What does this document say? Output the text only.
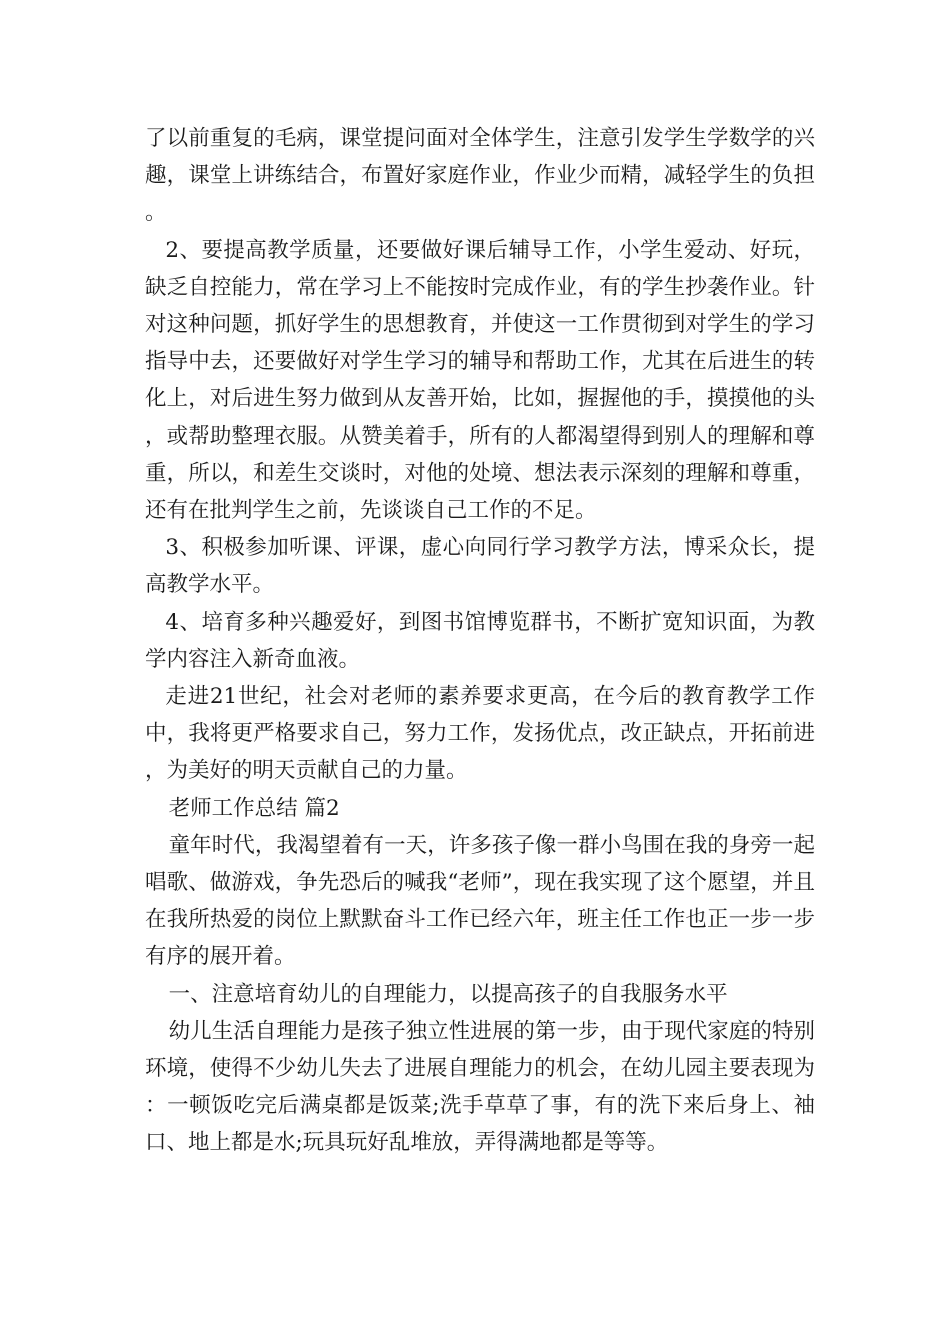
了以前重复的毛病，课堂提问面对全体学生，注意引发学生学数学的兴趣，课堂上讲练结合，布置好家庭作业，作业少而精，减轻学生的负担。

2、要提高教学质量，还要做好课后辅导工作，小学生爱动、好玩，缺乏自控能力，常在学习上不能按时完成作业，有的学生抄袭作业。针对这种问题，抓好学生的思想教育，并使这一工作贯彻到对学生的学习指导中去，还要做好对学生学习的辅导和帮助工作，尤其在后进生的转化上，对后进生努力做到从友善开始，比如，握握他的手，摸摸他的头，或帮助整理衣服。从赞美着手，所有的人都渴望得到别人的理解和尊重，所以，和差生交谈时，对他的处境、想法表示深刻的理解和尊重，还有在批判学生之前，先谈谈自己工作的不足。

3、积极参加听课、评课，虚心向同行学习教学方法，博采众长，提高教学水平。

4、培育多种兴趣爱好，到图书馆博览群书，不断扩宽知识面，为教学内容注入新奇血液。

走进21世纪，社会对老师的素养要求更高，在今后的教育教学工作中，我将更严格要求自己，努力工作，发扬优点，改正缺点，开拓前进，为美好的明天贡献自己的力量。

老师工作总结 篇2

童年时代，我渴望着有一天，许多孩子像一群小鸟围在我的身旁一起唱歌、做游戏，争先恐后的喊我“老师”，现在我实现了这个愿望，并且在我所热爱的岗位上默默奋斗工作已经六年，班主任工作也正一步一步有序的展开着。

一、注意培育幼儿的自理能力，以提高孩子的自我服务水平

幼儿生活自理能力是孩子独立性进展的第一步，由于现代家庭的特别环境，使得不少幼儿失去了进展自理能力的机会，在幼儿园主要表现为：一顿饭吃完后满桌都是饭菜;洗手草草了事，有的洗下来后身上、袖口、地上都是水;玩具玩好乱堆放，弄得满地都是等等。
